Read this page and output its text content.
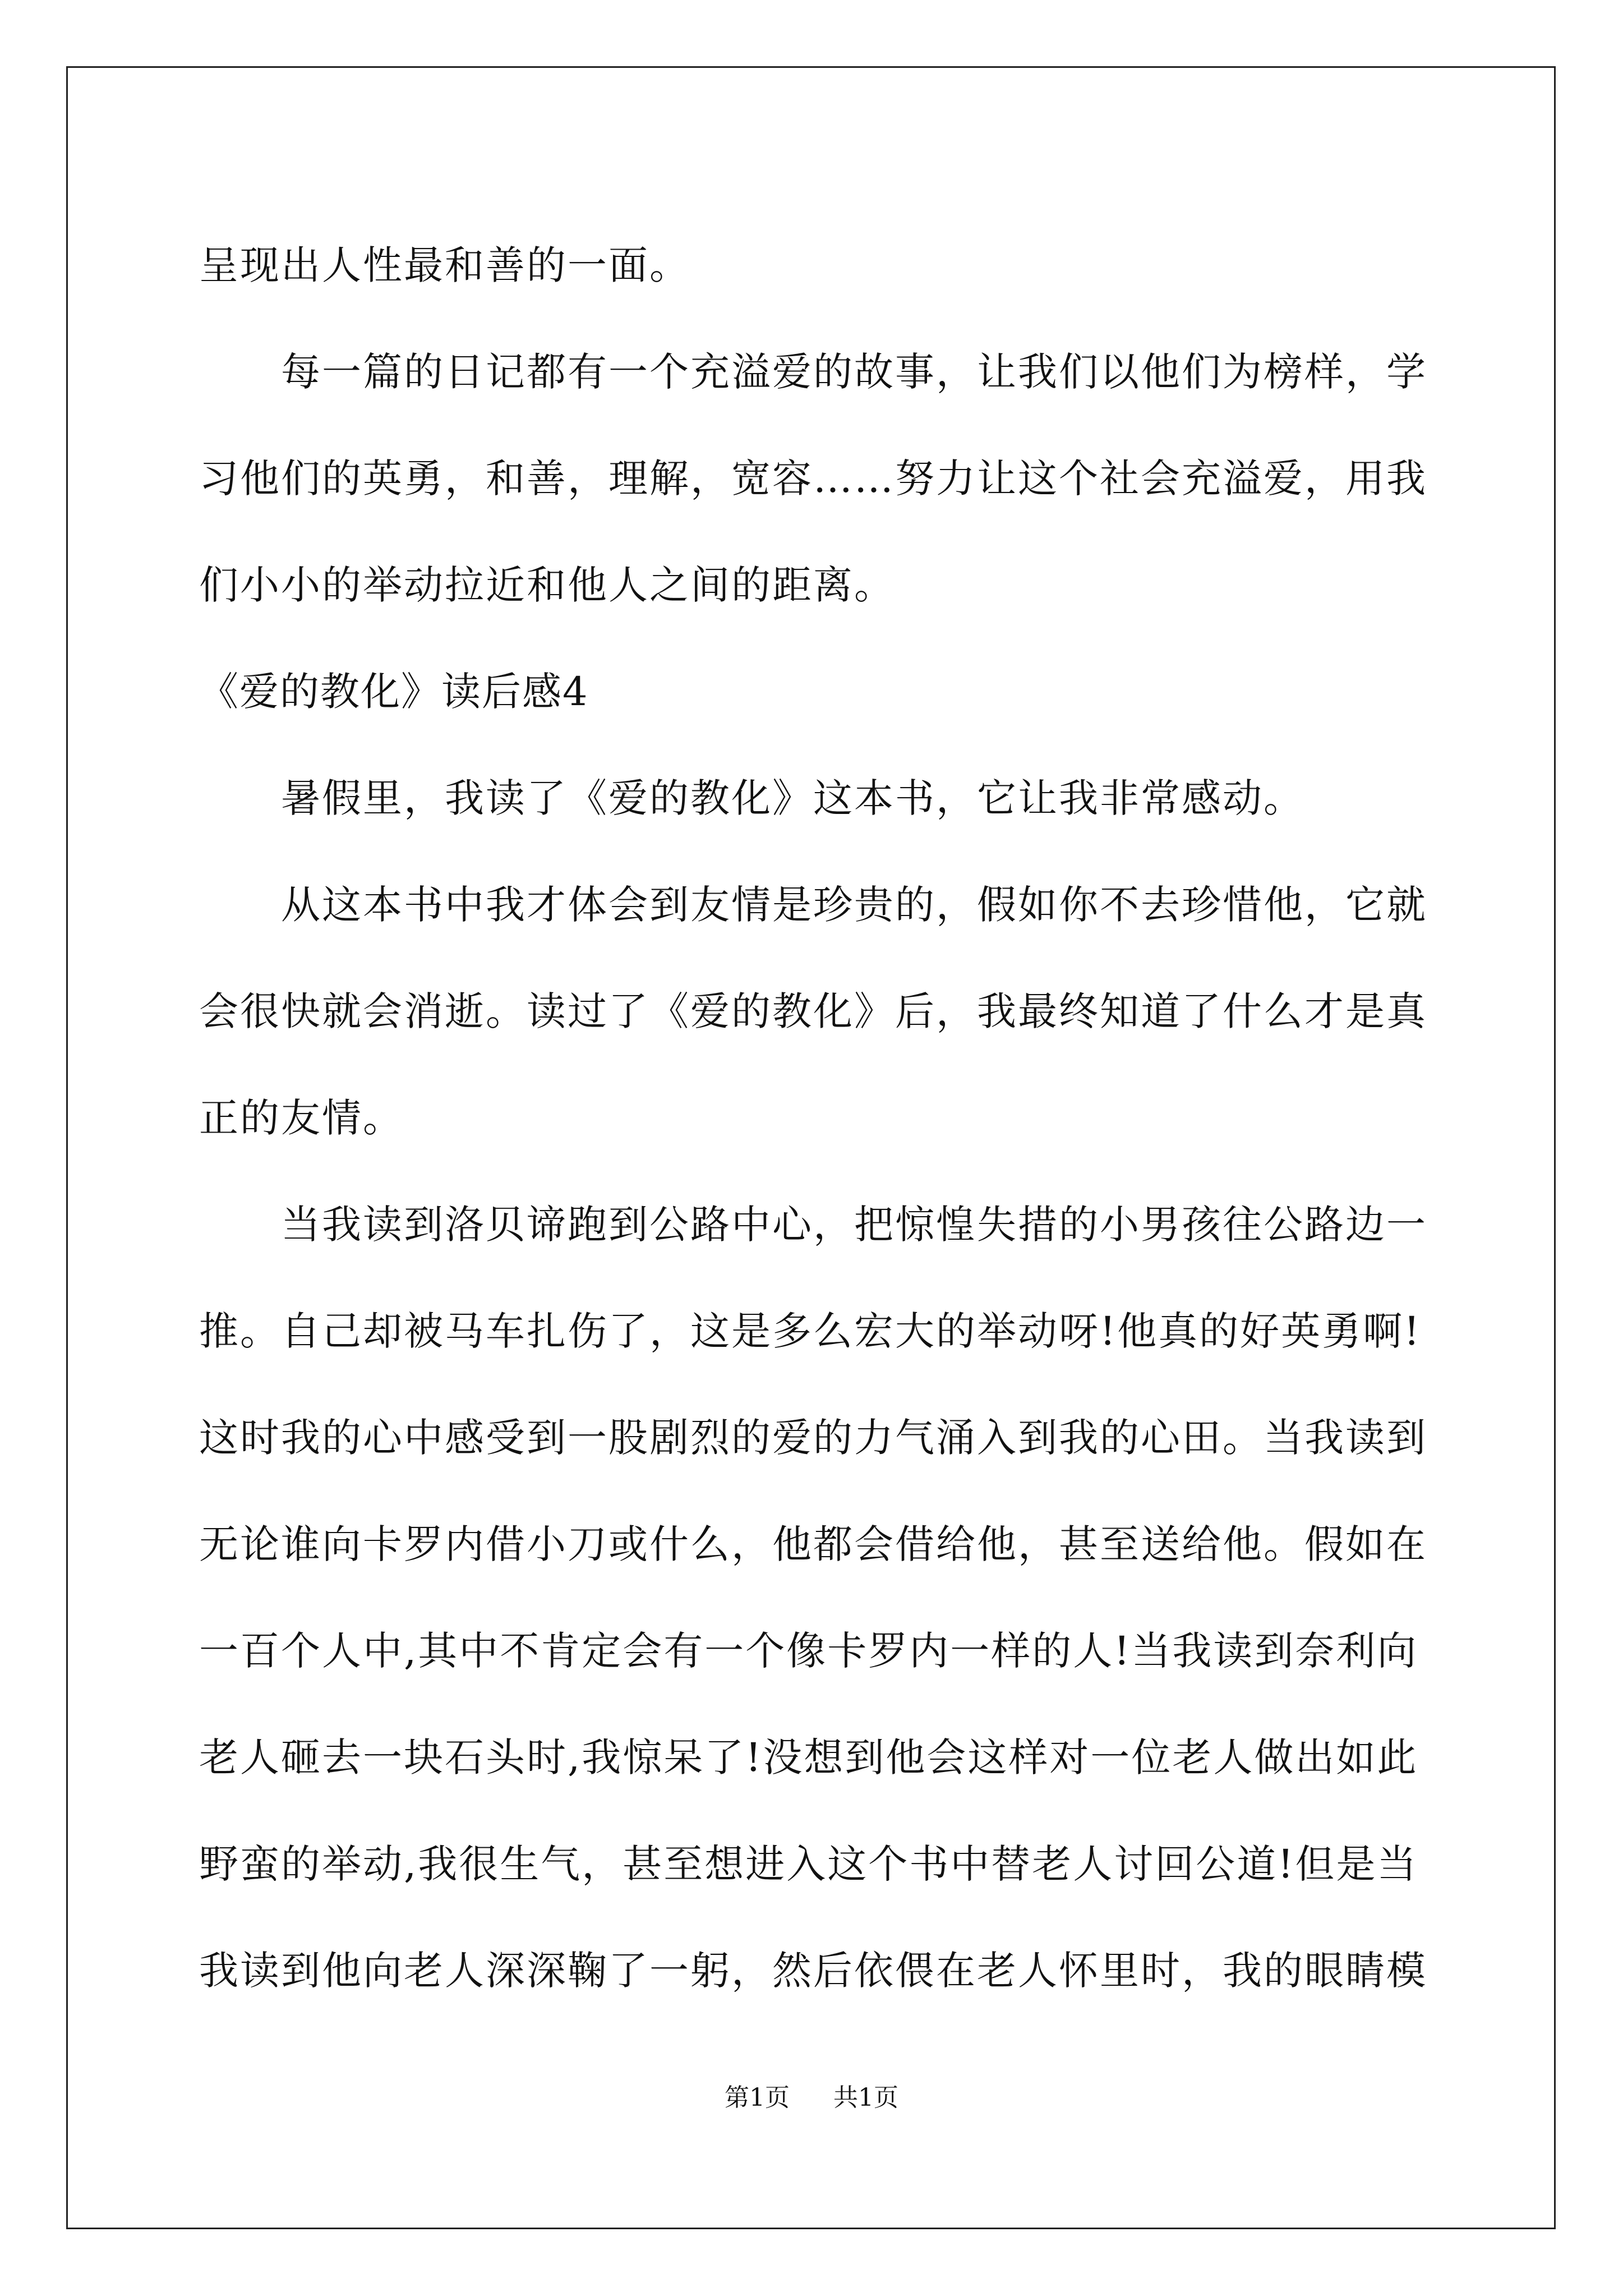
呈现出人性最和善的一面。

每一篇的日记都有一个充溢爱的故事，让我们以他们为榜样，学

习他们的英勇，和善，理解，宽容……努力让这个社会充溢爱，用我

们小小的举动拉近和他人之间的距离。

《爱的教化》读后感4

暑假里，我读了《爱的教化》这本书，它让我非常感动。

从这本书中我才体会到友情是珍贵的，假如你不去珍惜他，它就

会很快就会消逝。读过了《爱的教化》后，我最终知道了什么才是真

正的友情。

当我读到洛贝谛跑到公路中心，把惊惶失措的小男孩往公路边一

推。自己却被马车扎伤了，这是多么宏大的举动呀!他真的好英勇啊!

这时我的心中感受到一股剧烈的爱的力气涌入到我的心田。当我读到

无论谁向卡罗内借小刀或什么，他都会借给他，甚至送给他。假如在

一百个人中,其中不肯定会有一个像卡罗内一样的人!当我读到奈利向

老人砸去一块石头时,我惊呆了!没想到他会这样对一位老人做出如此

野蛮的举动,我很生气，甚至想进入这个书中替老人讨回公道!但是当

我读到他向老人深深鞠了一躬，然后依偎在老人怀里时，我的眼睛模

第1页 共1页
